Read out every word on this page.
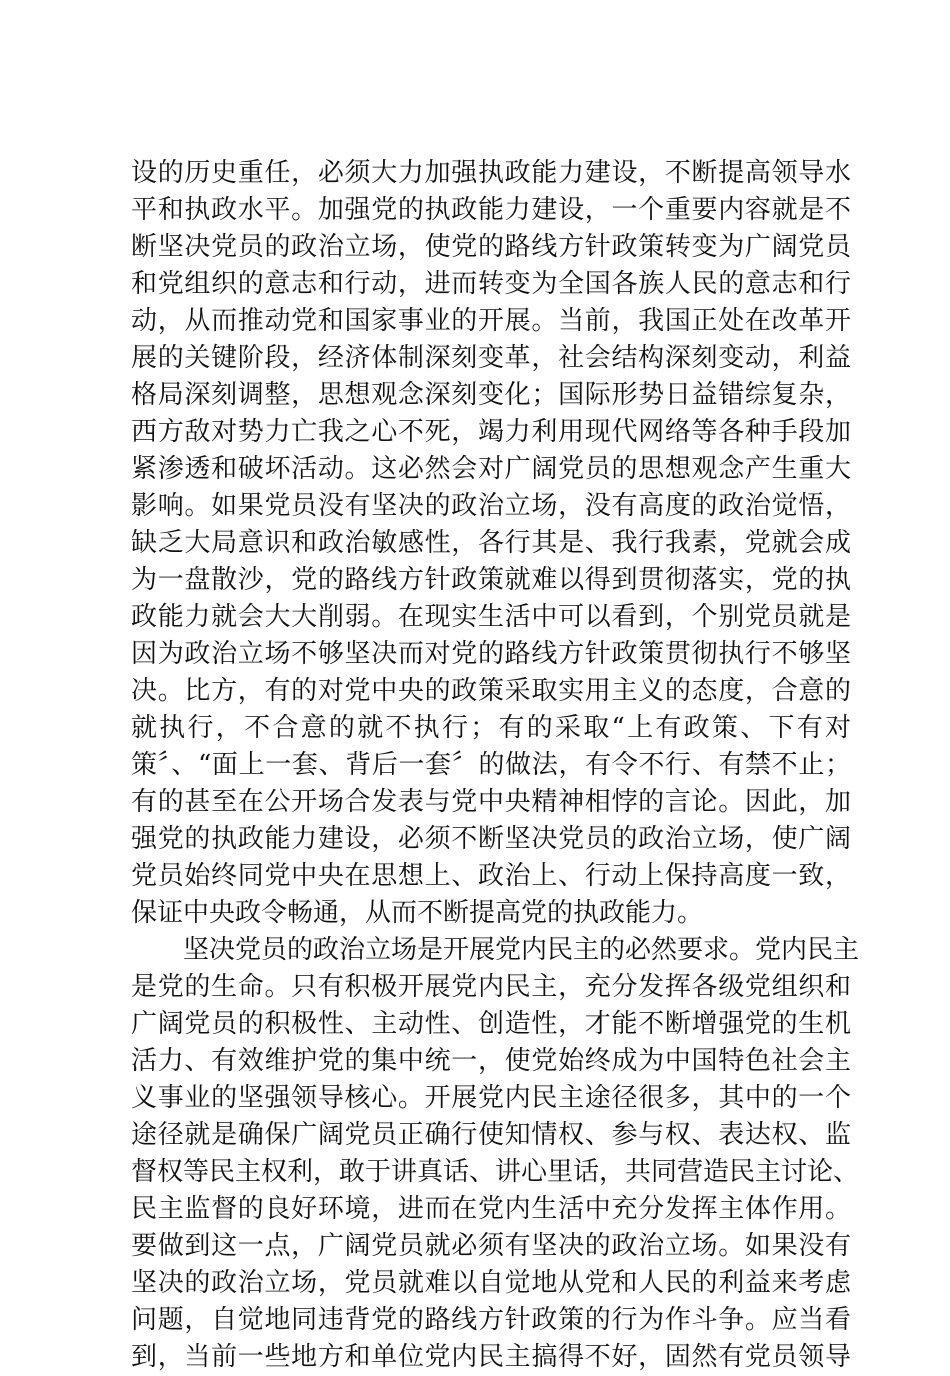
设的历史重任，必须大力加强执政能力建设，不断提高领导水
平和执政水平。加强党的执政能力建设，一个重要内容就是不
断坚决党员的政治立场，使党的路线方针政策转变为广阔党员
和党组织的意志和行动，进而转变为全国各族人民的意志和行
动，从而推动党和国家事业的开展。当前，我国正处在改革开
展的关键阶段，经济体制深刻变革，社会结构深刻变动，利益
格局深刻调整，思想观念深刻变化；国际形势日益错综复杂，
西方敌对势力亡我之心不死，竭力利用现代网络等各种手段加
紧渗透和破坏活动。这必然会对广阔党员的思想观念产生重大
影响。如果党员没有坚决的政治立场，没有高度的政治觉悟，
缺乏大局意识和政治敏感性，各行其是、我行我素，党就会成
为一盘散沙，党的路线方针政策就难以得到贯彻落实，党的执
政能力就会大大削弱。在现实生活中可以看到，个别党员就是
因为政治立场不够坚决而对党的路线方针政策贯彻执行不够坚
决。比方，有的对党中央的政策采取实用主义的态度，合意的
就执行，不合意的就不执行；有的采取“上有政策、下有对
策〞、“面上一套、背后一套〞的做法，有令不行、有禁不止；
有的甚至在公开场合发表与党中央精神相悖的言论。因此，加
强党的执政能力建设，必须不断坚决党员的政治立场，使广阔
党员始终同党中央在思想上、政治上、行动上保持高度一致，
保证中央政令畅通，从而不断提高党的执政能力。
　　坚决党员的政治立场是开展党内民主的必然要求。党内民主
是党的生命。只有积极开展党内民主，充分发挥各级党组织和
广阔党员的积极性、主动性、创造性，才能不断增强党的生机
活力、有效维护党的集中统一，使党始终成为中国特色社会主
义事业的坚强领导核心。开展党内民主途径很多，其中的一个
途径就是确保广阔党员正确行使知情权、参与权、表达权、监
督权等民主权利，敢于讲真话、讲心里话，共同营造民主讨论、
民主监督的良好环境，进而在党内生活中充分发挥主体作用。
要做到这一点，广阔党员就必须有坚决的政治立场。如果没有
坚决的政治立场，党员就难以自觉地从党和人民的利益来考虑
问题，自觉地同违背党的路线方针政策的行为作斗争。应当看
到，当前一些地方和单位党内民主搞得不好，固然有党员领导
